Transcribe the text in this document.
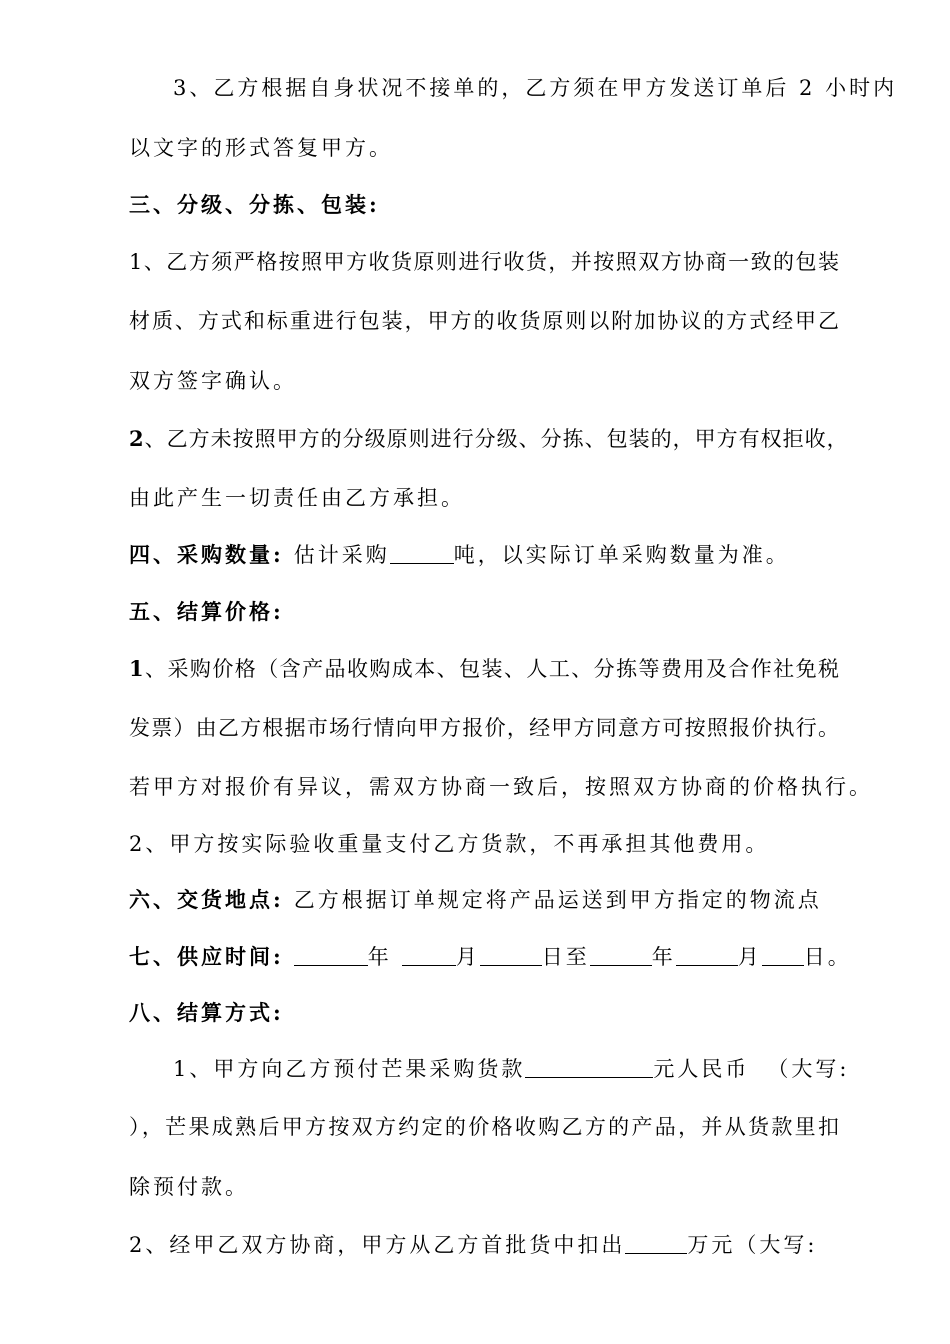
3、乙方根据自身状况不接单的，乙方须在甲方发送订单后 2 小时内
以文字的形式答复甲方。
三、分级、分拣、包装:
1、乙方须严格按照甲方收货原则进行收货，并按照双方协商一致的包装
材质、方式和标重进行包装，甲方的收货原则以附加协议的方式经甲乙
双方签字确认。
2、乙方未按照甲方的分级原则进行分级、分拣、包装的，甲方有权拒收，
由此产生一切责任由乙方承担。
四、采购数量: 估计采购	吨，以实际订单采购数量为准。
五、结算价格:
1、采购价格（含产品收购成本、包装、人工、分拣等费用及合作社免税
发票）由乙方根据市场行情向甲方报价，经甲方同意方可按照报价执行。
若甲方对报价有异议，需双方协商一致后，按照双方协商的价格执行。
2、甲方按实际验收重量支付乙方货款，不再承担其他费用。
六、交货地点: 乙方根据订单规定将产品运送到甲方指定的物流点
七、供应时间:	年	月	日至	年	月 日。
八、结算方式:
1、甲方向乙方预付芒果采购货款	元人民币 （大写:
），芒果成熟后甲方按双方约定的价格收购乙方的产品，并从货款里扣
除预付款。
2、经甲乙双方协商，甲方从乙方首批货中扣出	万元（大写:
